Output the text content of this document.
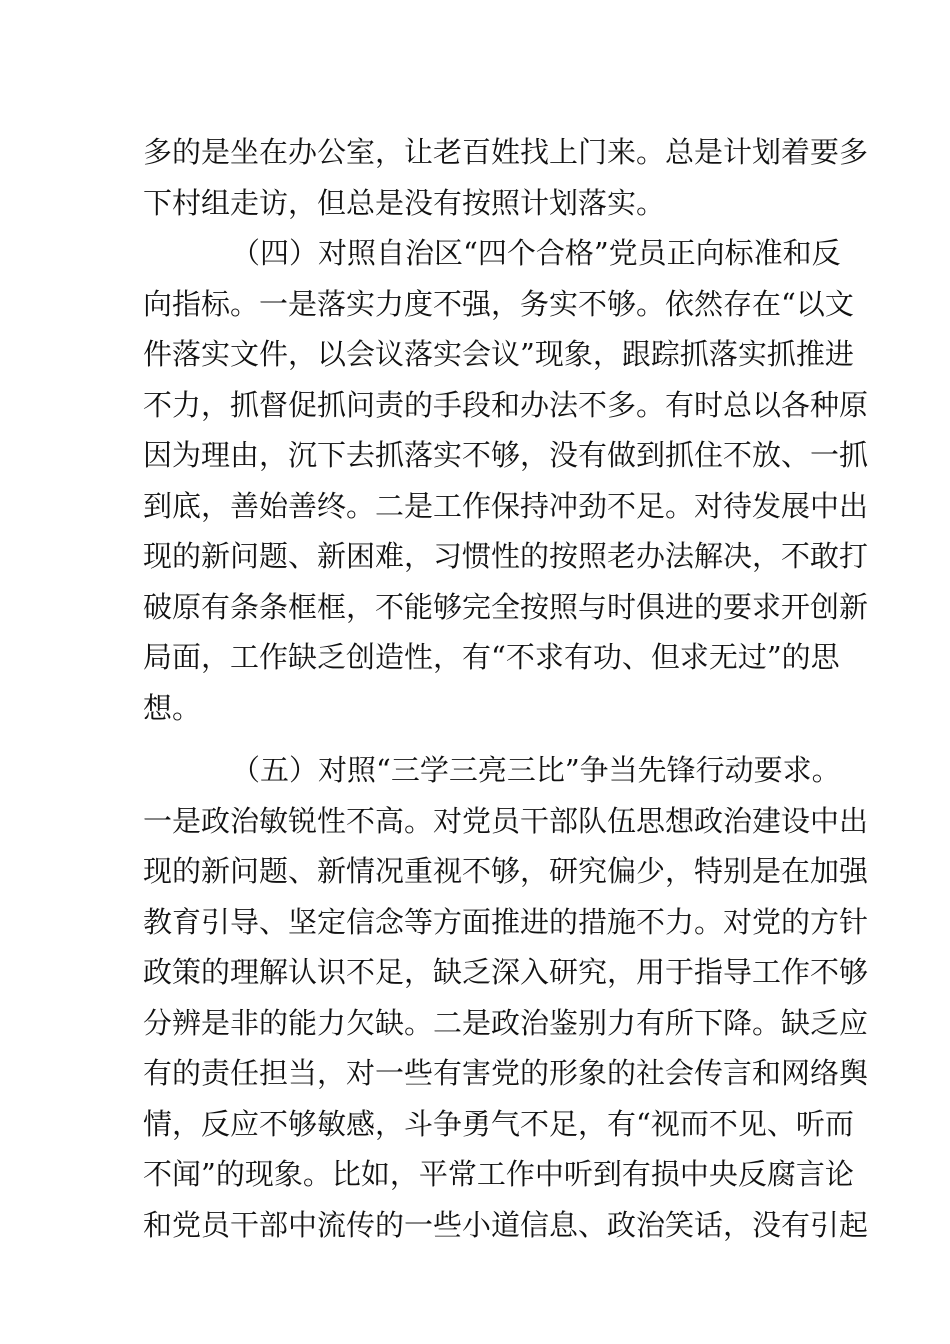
多的是坐在办公室，让老百姓找上门来。总是计划着要多
下村组走访，但总是没有按照计划落实。
（四）对照自治区“四个合格”党员正向标准和反
向指标。一是落实力度不强，务实不够。依然存在“以文
件落实文件，以会议落实会议”现象，跟踪抓落实抓推进
不力，抓督促抓问责的手段和办法不多。有时总以各种原
因为理由，沉下去抓落实不够，没有做到抓住不放、一抓
到底，善始善终。二是工作保持冲劲不足。对待发展中出
现的新问题、新困难，习惯性的按照老办法解决，不敢打
破原有条条框框，不能够完全按照与时俱进的要求开创新
局面，工作缺乏创造性，有“不求有功、但求无过”的思
想。
（五）对照“三学三亮三比”争当先锋行动要求。
一是政治敏锐性不高。对党员干部队伍思想政治建设中出
现的新问题、新情况重视不够，研究偏少，特别是在加强
教育引导、坚定信念等方面推进的措施不力。对党的方针
政策的理解认识不足，缺乏深入研究，用于指导工作不够
分辨是非的能力欠缺。二是政治鉴别力有所下降。缺乏应
有的责任担当，对一些有害党的形象的社会传言和网络舆
情，反应不够敏感，斗争勇气不足，有“视而不见、听而
不闻”的现象。比如，平常工作中听到有损中央反腐言论
和党员干部中流传的一些小道信息、政治笑话，没有引起
